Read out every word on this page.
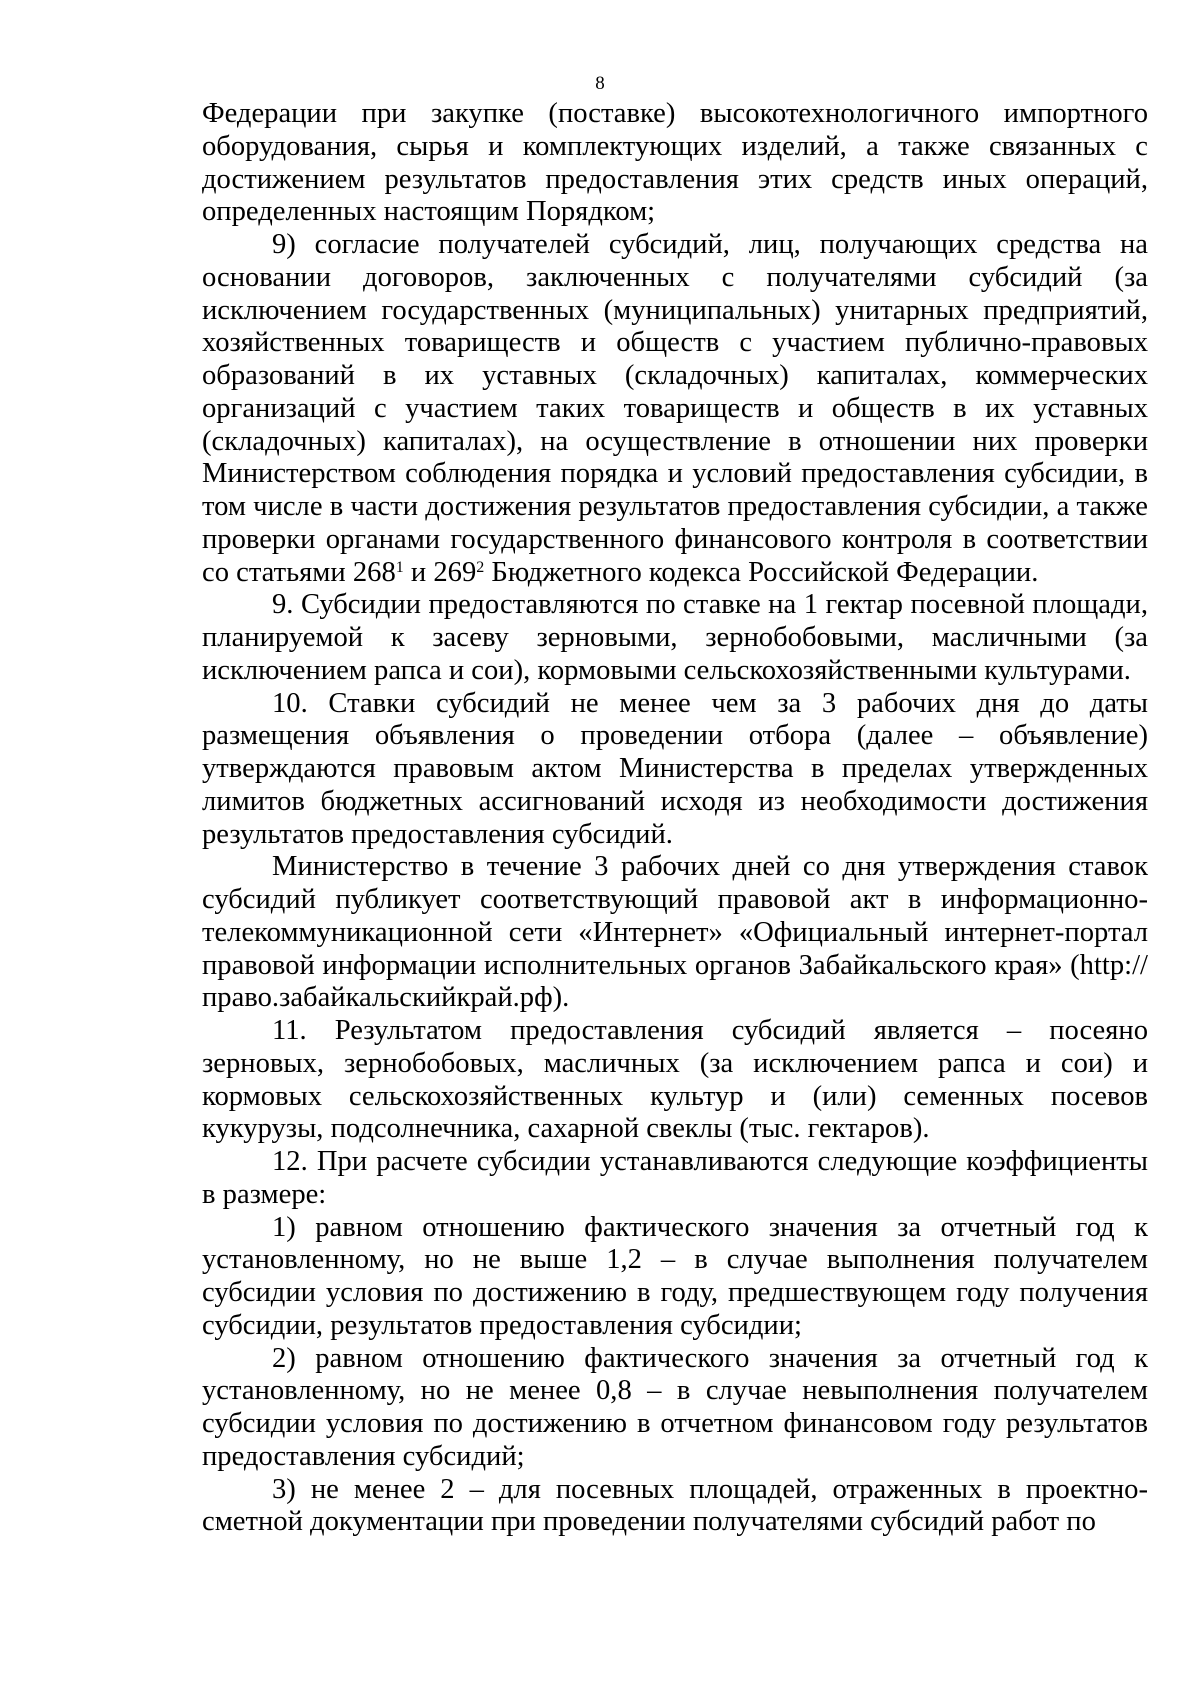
8

Федерации при закупке (поставке) высокотехнологичного импортного оборудования, сырья и комплектующих изделий, а также связанных с достижением результатов предоставления этих средств иных операций, определенных настоящим Порядком;

9) согласие получателей субсидий, лиц, получающих средства на основании договоров, заключенных с получателями субсидий (за исключением государственных (муниципальных) унитарных предприятий, хозяйственных товариществ и обществ с участием публично-правовых образований в их уставных (складочных) капиталах, коммерческих организаций с участием таких товариществ и обществ в их уставных (складочных) капиталах), на осуществление в отношении них проверки Министерством соблюдения порядка и условий предоставления субсидии, в том числе в части достижения результатов предоставления субсидии, а также проверки органами государственного финансового контроля в соответствии со статьями $268^1$ и $269^2$ Бюджетного кодекса Российской Федерации.

9. Субсидии предоставляются по ставке на 1 гектар посевной площади, планируемой к засеву зерновыми, зернобобовыми, масличными (за исключением рапса и сои), кормовыми сельскохозяйственными культурами.

10. Ставки субсидий не менее чем за 3 рабочих дня до даты размещения объявления о проведении отбора (далее – объявление) утверждаются правовым актом Министерства в пределах утвержденных лимитов бюджетных ассигнований исходя из необходимости достижения результатов предоставления субсидий.

Министерство в течение 3 рабочих дней со дня утверждения ставок субсидий публикует соответствующий правовой акт в информационно-телекоммуникационной сети «Интернет» «Официальный интернет-портал правовой информации исполнительных органов Забайкальского края» (http://право.забайкальскийкрай.рф).

11. Результатом предоставления субсидий является – посеяно зерновых, зернобобовых, масличных (за исключением рапса и сои) и кормовых сельскохозяйственных культур и (или) семенных посевов кукурузы, подсолнечника, сахарной свеклы (тыс. гектаров).

12. При расчете субсидии устанавливаются следующие коэффициенты в размере:

1) равном отношению фактического значения за отчетный год к установленному, но не выше 1,2 – в случае выполнения получателем субсидии условия по достижению в году, предшествующем году получения субсидии, результатов предоставления субсидии;

2) равном отношению фактического значения за отчетный год к установленному, но не менее 0,8 – в случае невыполнения получателем субсидии условия по достижению в отчетном финансовом году результатов предоставления субсидий;

3) не менее 2 – для посевных площадей, отраженных в проектно-сметной документации при проведении получателями субсидий работ по
